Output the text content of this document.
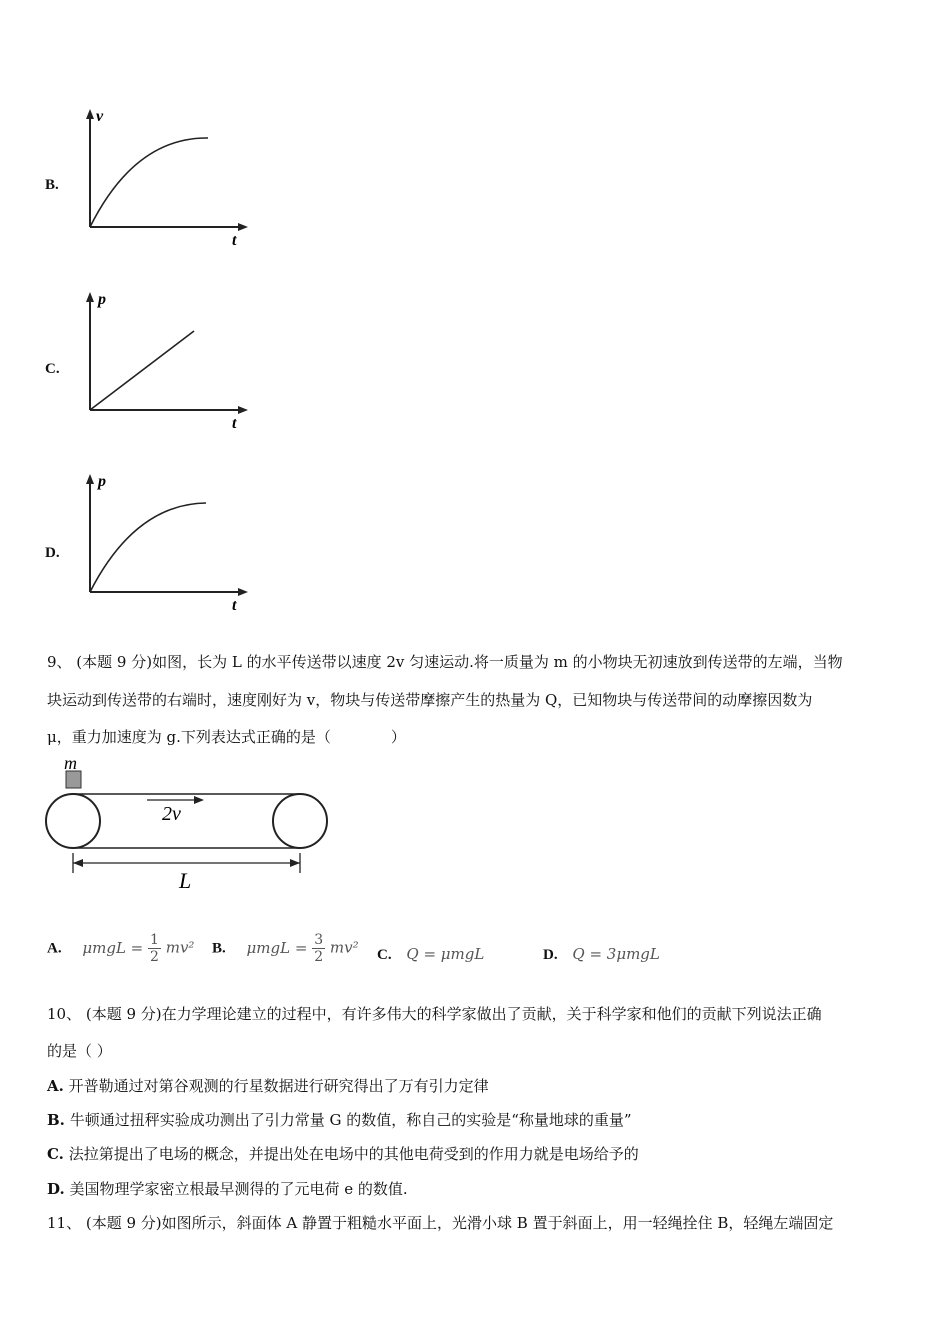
B.
v
t
C.
p
t
D.
p
t
9、 (本题 9 分)如图，长为 L 的水平传送带以速度 2v 匀速运动.将一质量为 m 的小物块无初速放到传送带的左端，当物
块运动到传送带的右端时，速度刚好为 v，物块与传送带摩擦产生的热量为 Q，已知物块与传送带间的动摩擦因数为
μ，重力加速度为 g.下列表达式正确的是（　　　　）
m
2v
L
A. $\mu mgL = \frac{1}{2} mv^2$ B. $\mu mgL = \frac{3}{2} mv^2$ C. Q = μmgL	D. Q = 3μmgL
10、 (本题 9 分)在力学理论建立的过程中，有许多伟大的科学家做出了贡献，关于科学家和他们的贡献下列说法正确
的是（ ）
A. 开普勒通过对第谷观测的行星数据进行研究得出了万有引力定律
B. 牛顿通过扭秤实验成功测出了引力常量 G 的数值，称自己的实验是“称量地球的重量”
C. 法拉第提出了电场的概念，并提出处在电场中的其他电荷受到的作用力就是电场给予的
D. 美国物理学家密立根最早测得的了元电荷 e 的数值.
11、 (本题 9 分)如图所示，斜面体 A 静置于粗糙水平面上，光滑小球 B 置于斜面上，用一轻绳拴住 B，轻绳左端固定
